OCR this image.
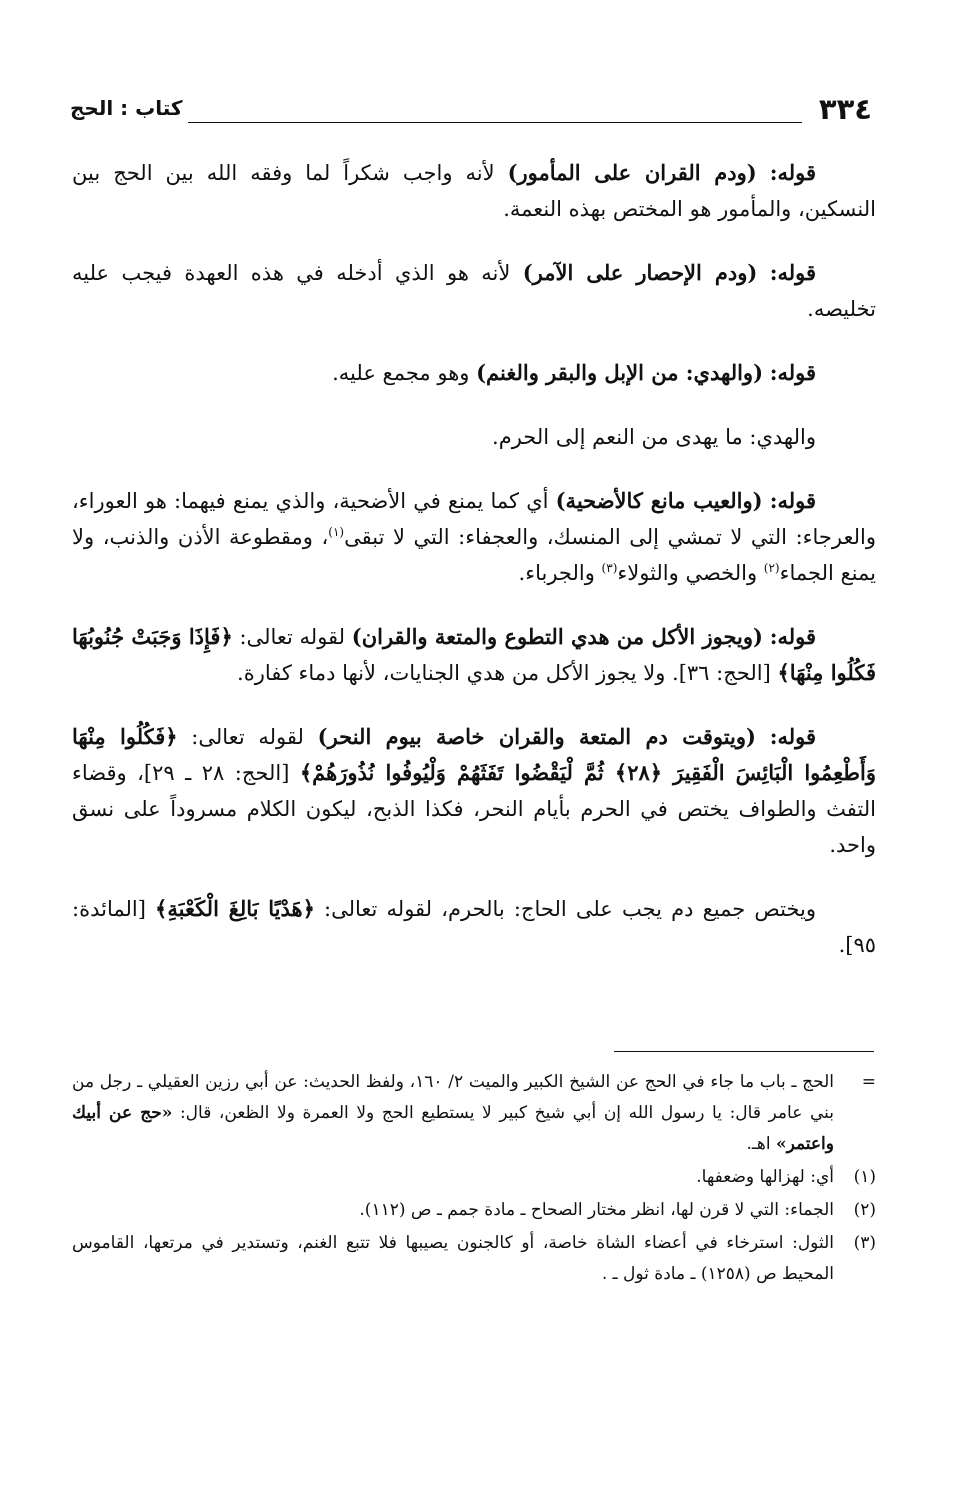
كتاب : الحج	٣٣٤

قوله: (ودم القران على المأمور) لأنه واجب شكراً لما وفقه الله بين الحج بين النسكين، والمأمور هو المختص بهذه النعمة.

قوله: (ودم الإحصار على الآمر) لأنه هو الذي أدخله في هذه العهدة فيجب عليه تخليصه.

قوله: (والهدي: من الإبل والبقر والغنم) وهو مجمع عليه.

والهدي: ما يهدى من النعم إلى الحرم.

قوله: (والعيب مانع كالأضحية) أي كما يمنع في الأضحية، والذي يمنع فيهما: هو العوراء، والعرجاء: التي لا تمشي إلى المنسك، والعجفاء: التي لا تبقى$^{(١)}$، ومقطوعة الأذن والذنب، ولا يمنع الجماء$^{(٢)}$ والخصي والثولاء$^{(٣)}$ والجرباء.

قوله: (ويجوز الأكل من هدي التطوع والمتعة والقران) لقوله تعالى: ﴿فَإِذَا وَجَبَتْ جُنُوبُهَا فَكُلُوا مِنْهَا﴾ [الحج: ٣٦]. ولا يجوز الأكل من هدي الجنايات، لأنها دماء كفارة.

قوله: (ويتوقت دم المتعة والقران خاصة بيوم النحر) لقوله تعالى: ﴿فَكُلُوا مِنْهَا وَأَطْعِمُوا الْبَائِسَ الْفَقِيرَ ﴿٢٨﴾ ثُمَّ لْيَقْضُوا تَفَثَهُمْ وَلْيُوفُوا نُذُورَهُمْ﴾ [الحج: ٢٨ ـ ٢٩]، وقضاء التفث والطواف يختص في الحرم بأيام النحر، فكذا الذبح، ليكون الكلام مسروداً على نسق واحد.

ويختص جميع دم يجب على الحاج: بالحرم، لقوله تعالى: ﴿هَدْيًا بَالِغَ الْكَعْبَةِ﴾ [المائدة: ٩٥].

=
الحج ـ باب ما جاء في الحج عن الشيخ الكبير والميت ٢/ ١٦٠، ولفظ الحديث: عن أبي رزين العقيلي ـ رجل من بني عامر قال: يا رسول الله إن أبي شيخ كبير لا يستطيع الحج ولا العمرة ولا الظعن، قال: «حج عن أبيك واعتمر» اهـ.
(١)
أي: لهزالها وضعفها.
(٢)
الجماء: التي لا قرن لها، انظر مختار الصحاح ـ مادة جمم ـ ص (١١٢).
(٣)
الثول: استرخاء في أعضاء الشاة خاصة، أو كالجنون يصيبها فلا تتبع الغنم، وتستدير في مرتعها، القاموس المحيط ص (١٢٥٨) ـ مادة ثول ـ .
